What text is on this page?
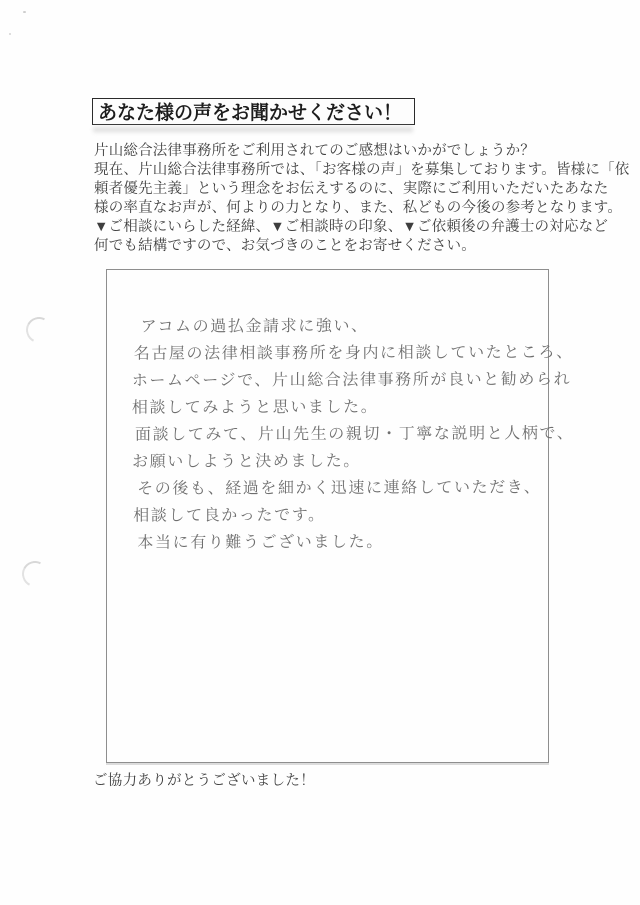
あなた様の声をお聞かせください！
片山総合法律事務所をご利用されてのご感想はいかがでしょうか？
現在、片山総合法律事務所では、「お客様の声」を募集しております。皆様に「依
頼者優先主義」という理念をお伝えするのに、実際にご利用いただいたあなた
様の率直なお声が、何よりの力となり、また、私どもの今後の参考となります。
▼ご相談にいらした経緯、▼ご相談時の印象、▼ご依頼後の弁護士の対応など
何でも結構ですので、お気づきのことをお寄せください。
アコムの過払金請求に強い、
名古屋の法律相談事務所を身内に相談していたところ、
ホームページで、片山総合法律事務所が良いと勧められ
相談してみようと思いました。
面談してみて、片山先生の親切・丁寧な説明と人柄で、
お願いしようと決めました。
その後も、経過を細かく迅速に連絡していただき、
相談して良かったです。
本当に有り難うございました。
ご協力ありがとうございました！
